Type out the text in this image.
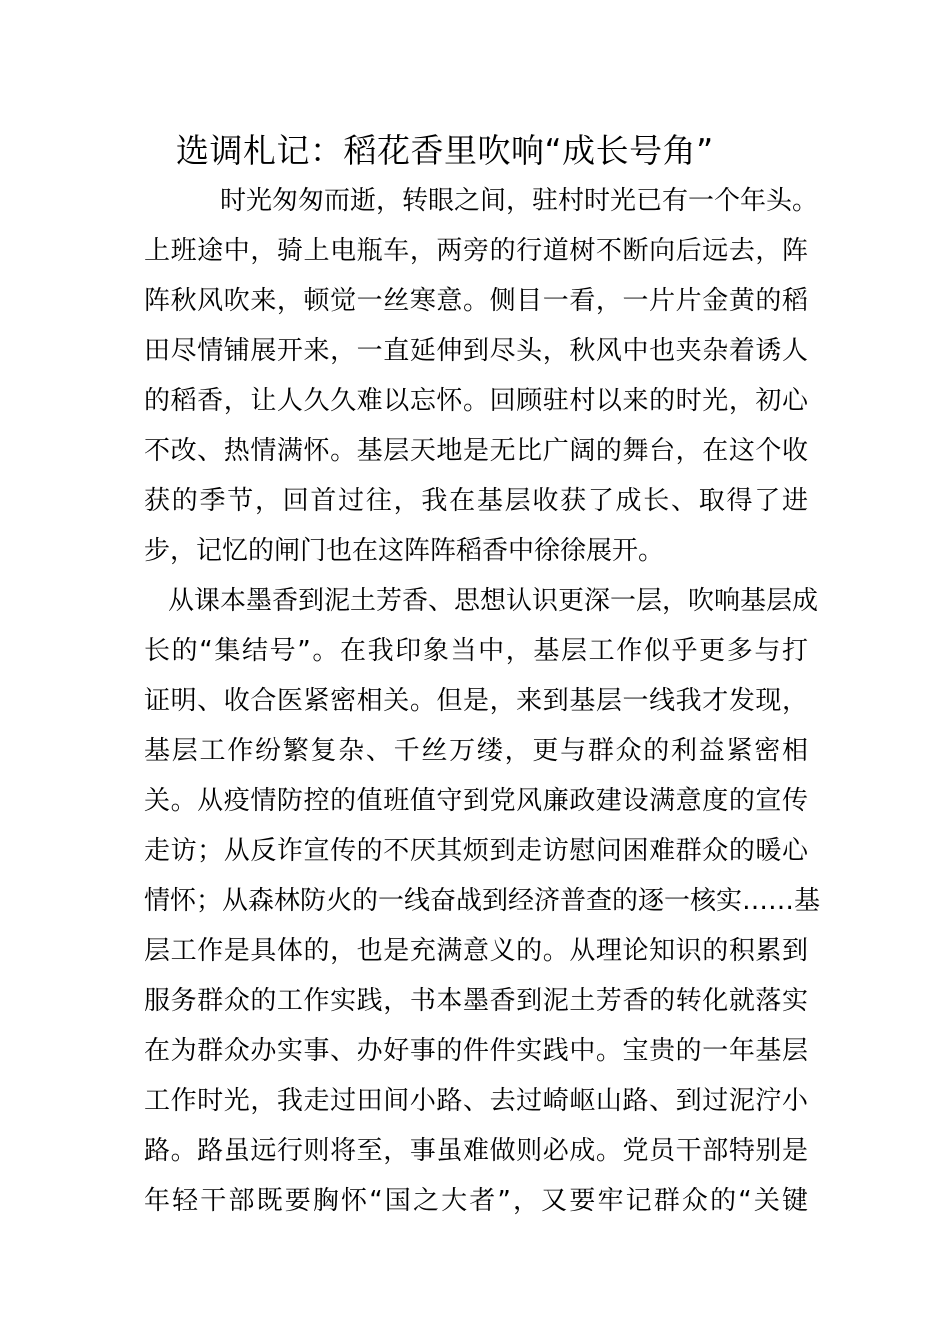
选调札记：稻花香里吹响“成长号角”
时光匆匆而逝，转眼之间，驻村时光已有一个年头。
上班途中，骑上电瓶车，两旁的行道树不断向后远去，阵
阵秋风吹来，顿觉一丝寒意。侧目一看，一片片金黄的稻
田尽情铺展开来，一直延伸到尽头，秋风中也夹杂着诱人
的稻香，让人久久难以忘怀。回顾驻村以来的时光，初心
不改、热情满怀。基层天地是无比广阔的舞台，在这个收
获的季节，回首过往，我在基层收获了成长、取得了进
步，记忆的闸门也在这阵阵稻香中徐徐展开。
从课本墨香到泥土芳香、思想认识更深一层，吹响基层成
长的“集结号”。在我印象当中，基层工作似乎更多与打
证明、收合医紧密相关。但是，来到基层一线我才发现，
基层工作纷繁复杂、千丝万缕，更与群众的利益紧密相
关。从疫情防控的值班值守到党风廉政建设满意度的宣传
走访；从反诈宣传的不厌其烦到走访慰问困难群众的暖心
情怀；从森林防火的一线奋战到经济普查的逐一核实……基
层工作是具体的，也是充满意义的。从理论知识的积累到
服务群众的工作实践，书本墨香到泥土芳香的转化就落实
在为群众办实事、办好事的件件实践中。宝贵的一年基层
工作时光，我走过田间小路、去过崎岖山路、到过泥泞小
路。路虽远行则将至，事虽难做则必成。党员干部特别是
年轻干部既要胸怀“国之大者”，又要牢记群众的“关键
